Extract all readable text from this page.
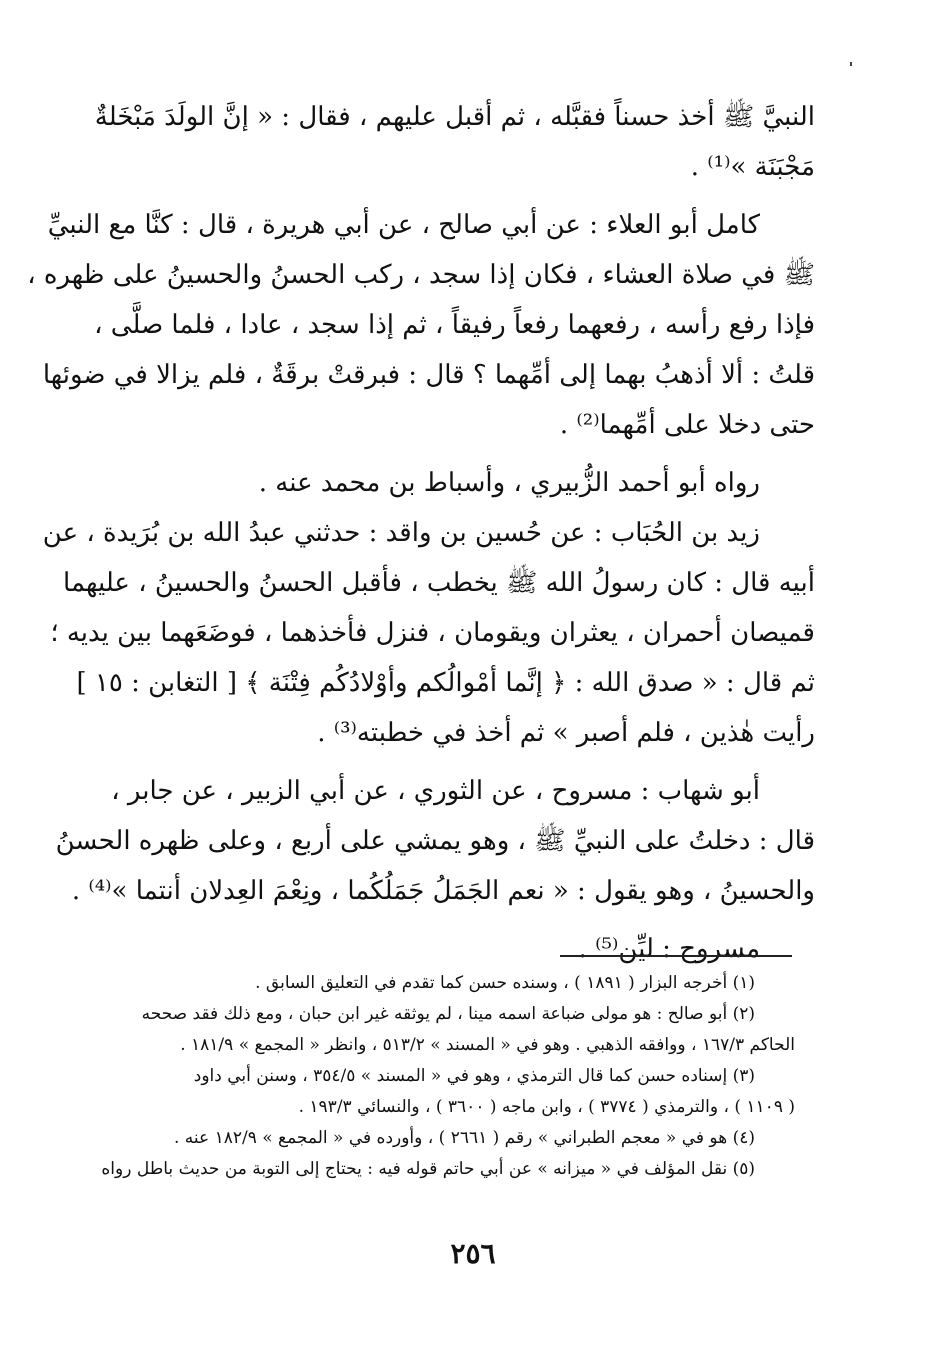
النبيَّ ﷺ أخذ حسناً فقبَّله ، ثم أقبل عليهم ، فقال : « إنَّ الولَدَ مَبْخَلةٌ
مَجْبَنَة »⁽¹⁾ .
كامل أبو العلاء : عن أبي صالح ، عن أبي هريرة ، قال : كنَّا مع النبيِّ
ﷺ في صلاة العشاء ، فكان إذا سجد ، ركب الحسنُ والحسينُ على ظهره ،
فإذا رفع رأسه ، رفعهما رفعاً رفيقاً ، ثم إذا سجد ، عادا ، فلما صلَّى ،
قلتُ : ألا أذهبُ بهما إلى أمِّهما ؟ قال : فبرقتْ برقَةٌ ، فلم يزالا في ضوئها
حتى دخلا على أمِّهما⁽²⁾ .
رواه أبو أحمد الزُّبيري ، وأسباط بن محمد عنه .
زيد بن الحُبَاب : عن حُسين بن واقد : حدثني عبدُ الله بن بُرَيدة ، عن
أبيه قال : كان رسولُ الله ﷺ يخطب ، فأقبل الحسنُ والحسينُ ، عليهما
قميصان أحمران ، يعثران ويقومان ، فنزل فأخذهما ، فوضَعَهما بين يديه ؛
ثم قال : « صدق الله : ﴿ إنَّما أمْوالُكم وأوْلادُكُم فِتْنَة ﴾ [ التغابن : ١٥ ]
رأيت هٰذين ، فلم أصبر » ثم أخذ في خطبته⁽³⁾ .
أبو شهاب : مسروح ، عن الثوري ، عن أبي الزبير ، عن جابر ،
قال : دخلتُ على النبيِّ ﷺ ، وهو يمشي على أربع ، وعلى ظهره الحسنُ
والحسينُ ، وهو يقول : « نعم الجَمَلُ جَمَلُكُما ، ونِعْمَ العِدلان أنتما »⁽⁴⁾ .
مسروح : ليِّن⁽⁵⁾ .
(١) أخرجه البزار ( ١٨٩١ ) ، وسنده حسن كما تقدم في التعليق السابق .
(٢) أبو صالح : هو مولى ضباعة اسمه مينا ، لم يوثقه غير ابن حبان ، ومع ذلك فقد صححه
الحاكم ١٦٧/٣ ، ووافقه الذهبي . وهو في « المسند » ٥١٣/٢ ، وانظر « المجمع » ١٨١/٩ .
(٣) إسناده حسن كما قال الترمذي ، وهو في « المسند » ٣٥٤/٥ ، وسنن أبي داود
( ١١٠٩ ) ، والترمذي ( ٣٧٧٤ ) ، وابن ماجه ( ٣٦٠٠ ) ، والنسائي ١٩٣/٣ .
(٤) هو في « معجم الطبراني » رقم ( ٢٦٦١ ) ، وأورده في « المجمع » ١٨٢/٩ عنه .
(٥) نقل المؤلف في « ميزانه » عن أبي حاتم قوله فيه : يحتاج إلى التوبة من حديث باطل رواه
٢٥٦
